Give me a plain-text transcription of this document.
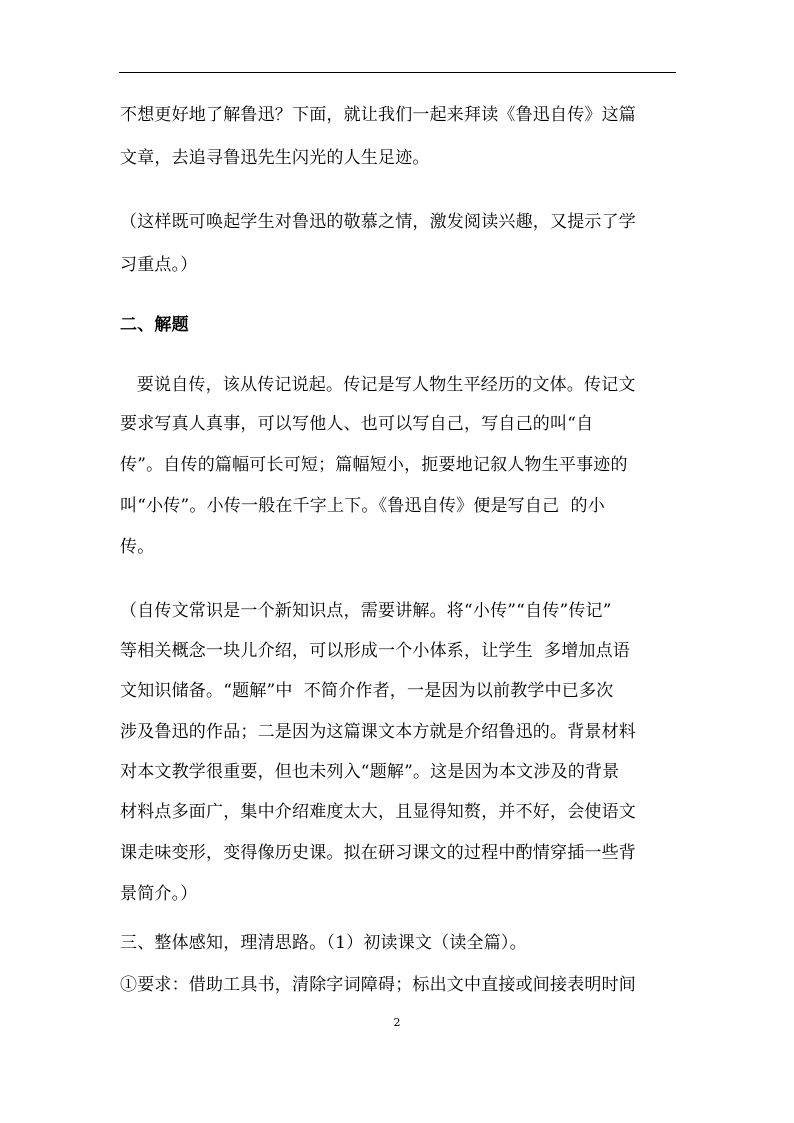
不想更好地了解鲁迅？下面，就让我们一起来拜读《鲁迅自传》这篇
文章，去追寻鲁迅先生闪光的人生足迹。
（这样既可唤起学生对鲁迅的敬慕之情，激发阅读兴趣，又提示了学
习重点。）
二、解题
要说自传，该从传记说起。传记是写人物生平经历的文体。传记文
要求写真人真事，可以写他人、也可以写自己，写自己的叫“自
传”。自传的篇幅可长可短；篇幅短小，扼要地记叙人物生平事迹的
叫“小传”。小传一般在千字上下。《鲁迅自传》便是写自己  的小
传。
（自传文常识是一个新知识点，需要讲解。将“小传”“自传”传记”
等相关概念一块儿介绍，可以形成一个小体系，让学生  多增加点语
文知识储备。“题解”中  不简介作者，一是因为以前教学中已多次
涉及鲁迅的作品；二是因为这篇课文本方就是介绍鲁迅的。背景材料
对本文教学很重要，但也未列入“题解”。这是因为本文涉及的背景
材料点多面广，集中介绍难度太大，且显得知赘，并不好，会使语文
课走味变形，变得像历史课。拟在研习课文的过程中酌情穿插一些背
景简介。）
三、整体感知，理清思路。（1）初读课文（读全篇）。
①要求：借助工具书，清除字词障碍；标出文中直接或间接表明时间
2
